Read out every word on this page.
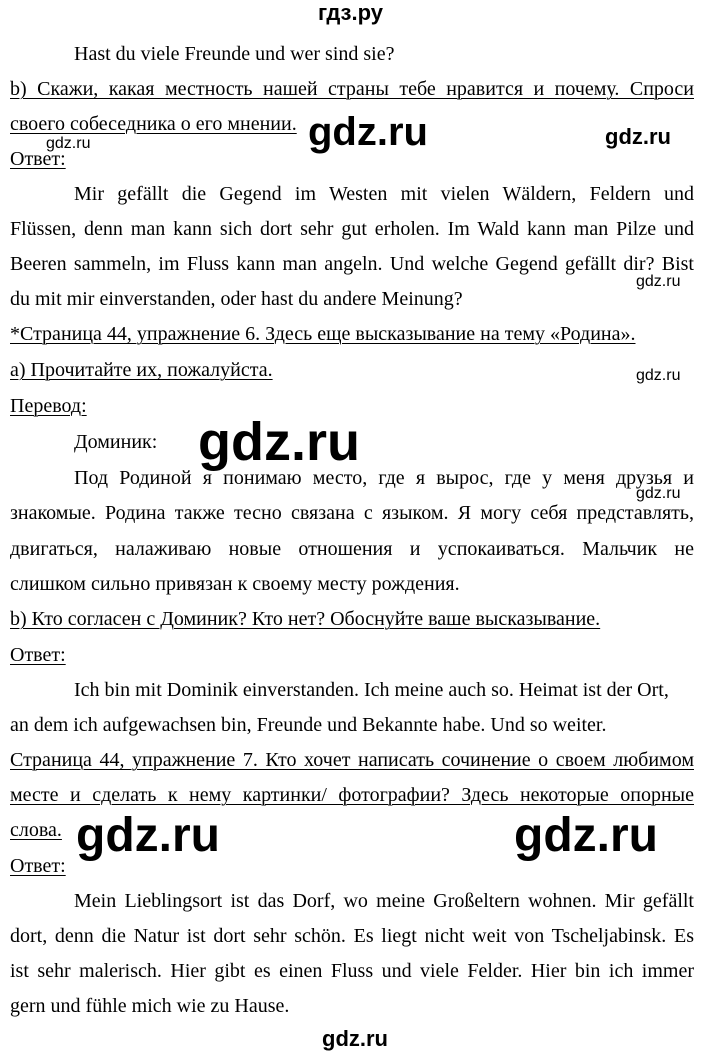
гдз.ру
Hast du viele Freunde und wer sind sie?
b) Скажи, какая местность нашей страны тебе нравится и почему. Спроси
своего собеседника о его мнении.
Ответ:
Mir gefällt die Gegend im Westen mit vielen Wäldern, Feldern und
Flüssen, denn man kann sich dort sehr gut erholen. Im Wald kann man Pilze und
Beeren sammeln, im Fluss kann man angeln. Und welche Gegend gefällt dir? Bist
du mit mir einverstanden, oder hast du andere Meinung?
*Страница 44, упражнение 6. Здесь еще высказывание на тему «Родина».
a) Прочитайте их, пожалуйста.
Перевод:
Доминик:
Под Родиной я понимаю место, где я вырос, где у меня друзья и
знакомые. Родина также тесно связана с языком. Я могу себя представлять,
двигаться, налаживаю новые отношения и успокаиваться. Мальчик не
слишком сильно привязан к своему месту рождения.
b) Кто согласен с Доминик? Кто нет? Обоснуйте ваше высказывание.
Ответ:
Ich bin mit Dominik einverstanden. Ich meine auch so. Heimat ist der Ort,
an dem ich aufgewachsen bin, Freunde und Bekannte habe. Und so weiter.
Страница 44, упражнение 7. Кто хочет написать сочинение о своем любимом
месте и сделать к нему картинки/ фотографии? Здесь некоторые опорные
слова.
Ответ:
Mein Lieblingsort ist das Dorf, wo meine Großeltern wohnen. Mir gefällt
dort, denn die Natur ist dort sehr schön. Es liegt nicht weit von Tscheljabinsk. Es
ist sehr malerisch. Hier gibt es einen Fluss und viele Felder. Hier bin ich immer
gern und fühle mich wie zu Hause.
gdz.ru	gdz.ru	gdz.ru
gdz.ru
gdz.ru
gdz.ru
gdz.ru
gdz.ru	gdz.ru
gdz.ru
